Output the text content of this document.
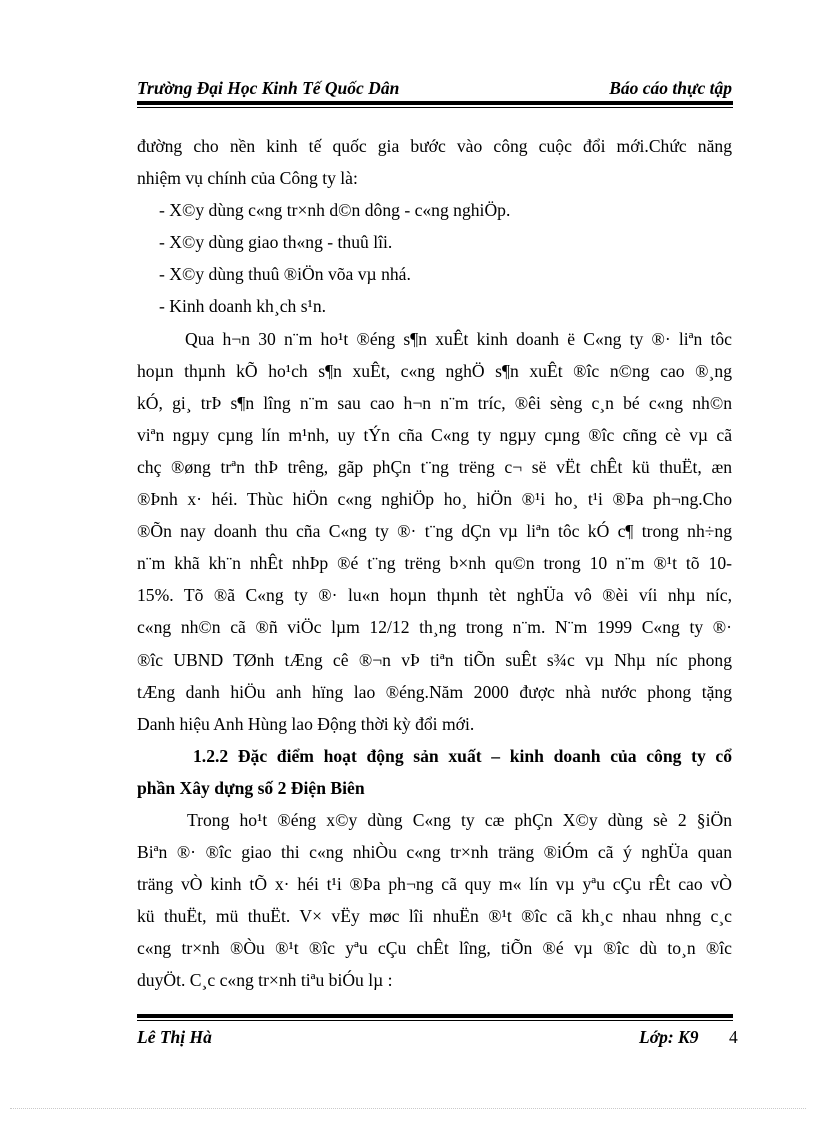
Trường Đại Học Kinh Tế Quốc Dân	Báo cáo thực tập

đường cho nền kinh tế quốc gia bước vào công cuộc đổi mới.Chức năng

nhiệm vụ chính của Công ty là:

- X©y dùng c«ng tr×nh d©n dông - c«ng nghiÖp.

- X©y dùng giao th«ng - thuû lîi.

- X©y dùng thuû ®iÖn võa vµ nhá.

- Kinh doanh kh¸ch s¹n.

Qua h¬n 30 n¨m ho¹t ®éng s¶n xuÊt kinh doanh ë C«ng ty ®· liªn tôc

hoµn thµnh kÕ ho¹ch s¶n xuÊt, c«ng nghÖ s¶n xuÊt ®îc n©ng cao ®¸ng

kÓ, gi¸ trÞ s¶n lîng n¨m sau cao h¬n n¨m tríc, ®êi sèng c¸n bé c«ng nh©n

viªn ngµy cµng lín m¹nh, uy tÝn cña C«ng ty ngµy cµng ®îc cñng cè vµ cã

chç ®øng trªn thÞ trêng, gãp phÇn t¨ng trëng c¬ së vËt chÊt kü thuËt, æn

®Þnh x· héi. Thùc hiÖn c«ng nghiÖp ho¸ hiÖn ®¹i ho¸ t¹i ®Þa ph¬ng.Cho

®Õn nay doanh thu cña C«ng ty ®· t¨ng dÇn vµ liªn tôc kÓ c¶ trong nh÷ng

n¨m khã kh¨n nhÊt nhÞp ®é t¨ng trëng b×nh qu©n trong 10 n¨m ®¹t tõ 10-

15%. Tõ ®ã C«ng ty ®· lu«n hoµn thµnh tèt nghÜa vô ®èi víi nhµ níc,

c«ng nh©n cã ®ñ viÖc lµm 12/12 th¸ng trong n¨m. N¨m 1999 C«ng ty ®·

®îc UBND TØnh tÆng cê ®¬n vÞ tiªn tiÕn suÊt s¾c vµ Nhµ níc phong

tÆng danh hiÖu anh hïng lao ®éng.Năm 2000 được nhà nước phong tặng

Danh hiệu Anh Hùng lao Động thời kỳ đổi mới.

1.2.2 Đặc điểm hoạt động sản xuất – kinh doanh của công ty cổ

phần Xây dựng số 2 Điện Biên

Trong ho¹t ®éng x©y dùng C«ng ty cæ phÇn X©y dùng sè 2 §iÖn

Biªn ®· ®îc giao thi c«ng nhiÒu c«ng tr×nh träng ®iÓm cã ý nghÜa quan

träng vÒ kinh tÕ x· héi t¹i ®Þa ph¬ng cã quy m« lín vµ yªu cÇu rÊt cao vÒ

kü thuËt, mü thuËt. V× vËy møc lîi nhuËn ®¹t ®îc cã kh¸c nhau nhng c¸c

c«ng tr×nh ®Òu ®¹t ®îc yªu cÇu chÊt lîng, tiÕn ®é vµ ®îc dù to¸n ®îc

duyÖt. C¸c c«ng tr×nh tiªu biÓu lµ :

Lê Thị Hà	Lớp: K9 4
